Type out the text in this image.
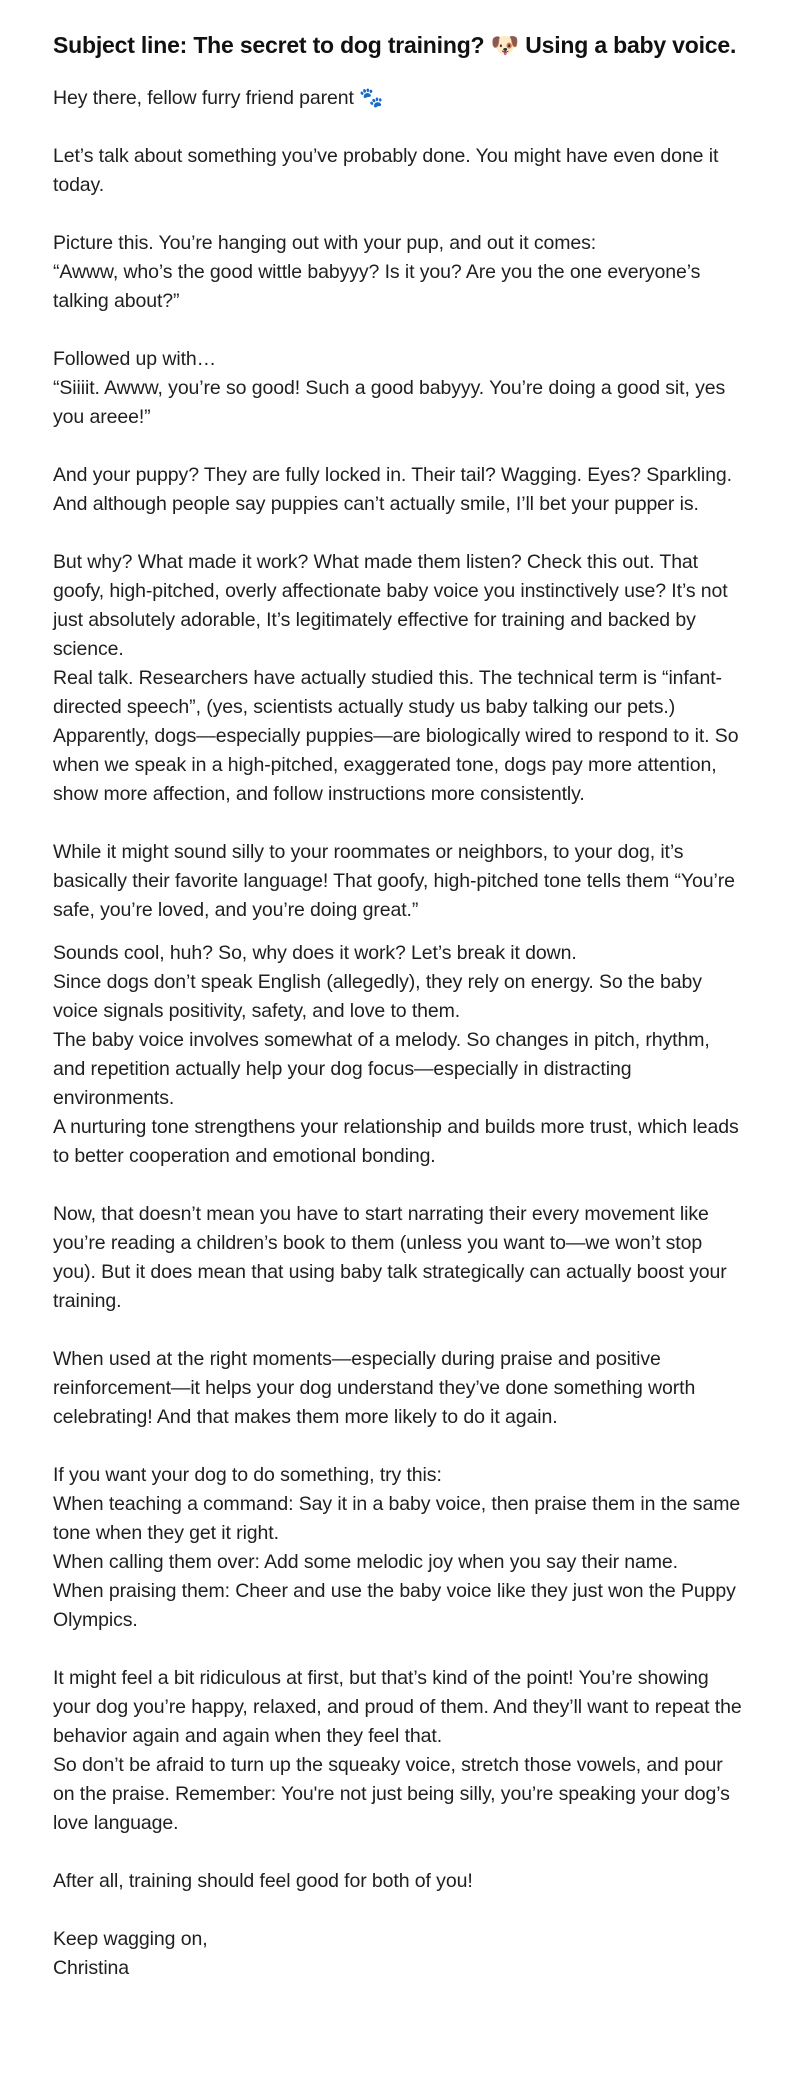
Subject line: The secret to dog training? 🐶 Using a baby voice.
Hey there, fellow furry friend parent 🐾
Let’s talk about something you’ve probably done. You might have even done it today.
Picture this. You’re hanging out with your pup, and out it comes:
“Awww, who’s the good wittle babyyy? Is it you? Are you the one everyone’s talking about?”
Followed up with…
“Siiiit. Awww, you’re so good! Such a good babyyy. You’re doing a good sit, yes you areee!”
And your puppy? They are fully locked in. Their tail? Wagging. Eyes? Sparkling.
And although people say puppies can’t actually smile, I’ll bet your pupper is.
But why? What made it work? What made them listen? Check this out. That goofy, high-pitched, overly affectionate baby voice you instinctively use? It’s not just absolutely adorable, It’s legitimately effective for training and backed by science.
Real talk. Researchers have actually studied this. The technical term is “infant-directed speech”, (yes, scientists actually study us baby talking our pets.) Apparently, dogs—especially puppies—are biologically wired to respond to it. So when we speak in a high-pitched, exaggerated tone, dogs pay more attention, show more affection, and follow instructions more consistently.
While it might sound silly to your roommates or neighbors, to your dog, it’s basically their favorite language! That goofy, high-pitched tone tells them “You’re safe, you’re loved, and you’re doing great.”
Sounds cool, huh? So, why does it work? Let’s break it down.
Since dogs don’t speak English (allegedly), they rely on energy. So the baby voice signals positivity, safety, and love to them.
The baby voice involves somewhat of a melody. So changes in pitch, rhythm, and repetition actually help your dog focus—especially in distracting environments.
A nurturing tone strengthens your relationship and builds more trust, which leads to better cooperation and emotional bonding.
Now, that doesn’t mean you have to start narrating their every movement like you’re reading a children’s book to them (unless you want to—we won’t stop you). But it does mean that using baby talk strategically can actually boost your training.
When used at the right moments—especially during praise and positive reinforcement—it helps your dog understand they’ve done something worth celebrating! And that makes them more likely to do it again.
If you want your dog to do something, try this:
When teaching a command: Say it in a baby voice, then praise them in the same tone when they get it right.
When calling them over: Add some melodic joy when you say their name.
When praising them: Cheer and use the baby voice like they just won the Puppy Olympics.
It might feel a bit ridiculous at first, but that’s kind of the point! You’re showing your dog you’re happy, relaxed, and proud of them. And they’ll want to repeat the behavior again and again when they feel that.
So don’t be afraid to turn up the squeaky voice, stretch those vowels, and pour on the praise. Remember: You're not just being silly, you’re speaking your dog’s love language.
After all, training should feel good for both of you!
Keep wagging on,
Christina
